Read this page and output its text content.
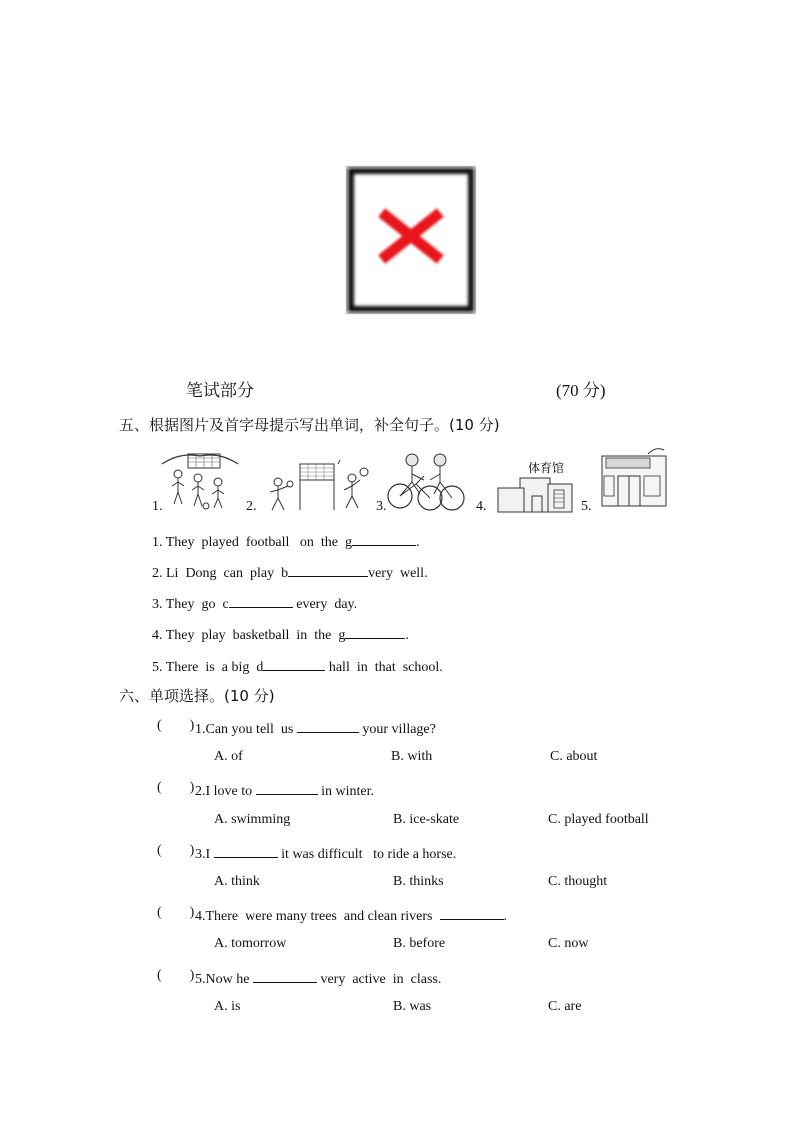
笔试部分	(70 分)
五、根据图片及首字母提示写出单词，补全句子。(10 分)
1.	2.	3.	4.
体育馆
5.
1. They  played  football   on  the  g	.
2. Li  Dong  can  play  b	very  well.
3. They  go  c	every  day.
4. They  play  basketball  in  the  g	.
5. There  is  a big  d	hall  in  that  school.
六、单项选择。(10 分)
(        ) 1.Can you tell  us	your village?
A. of	B. with	C. about
(        ) 2.I love to	in winter.
A. swimming	B. ice-skate	C. played football
(        ) 3.I	it was difficult   to ride a horse.
A. think	B. thinks	C. thought
(        ) 4.There  were many trees  and clean rivers	.
A. tomorrow	B. before	C. now
(        ) 5.Now he	very  active  in  class.
A. is	B. was	C. are
